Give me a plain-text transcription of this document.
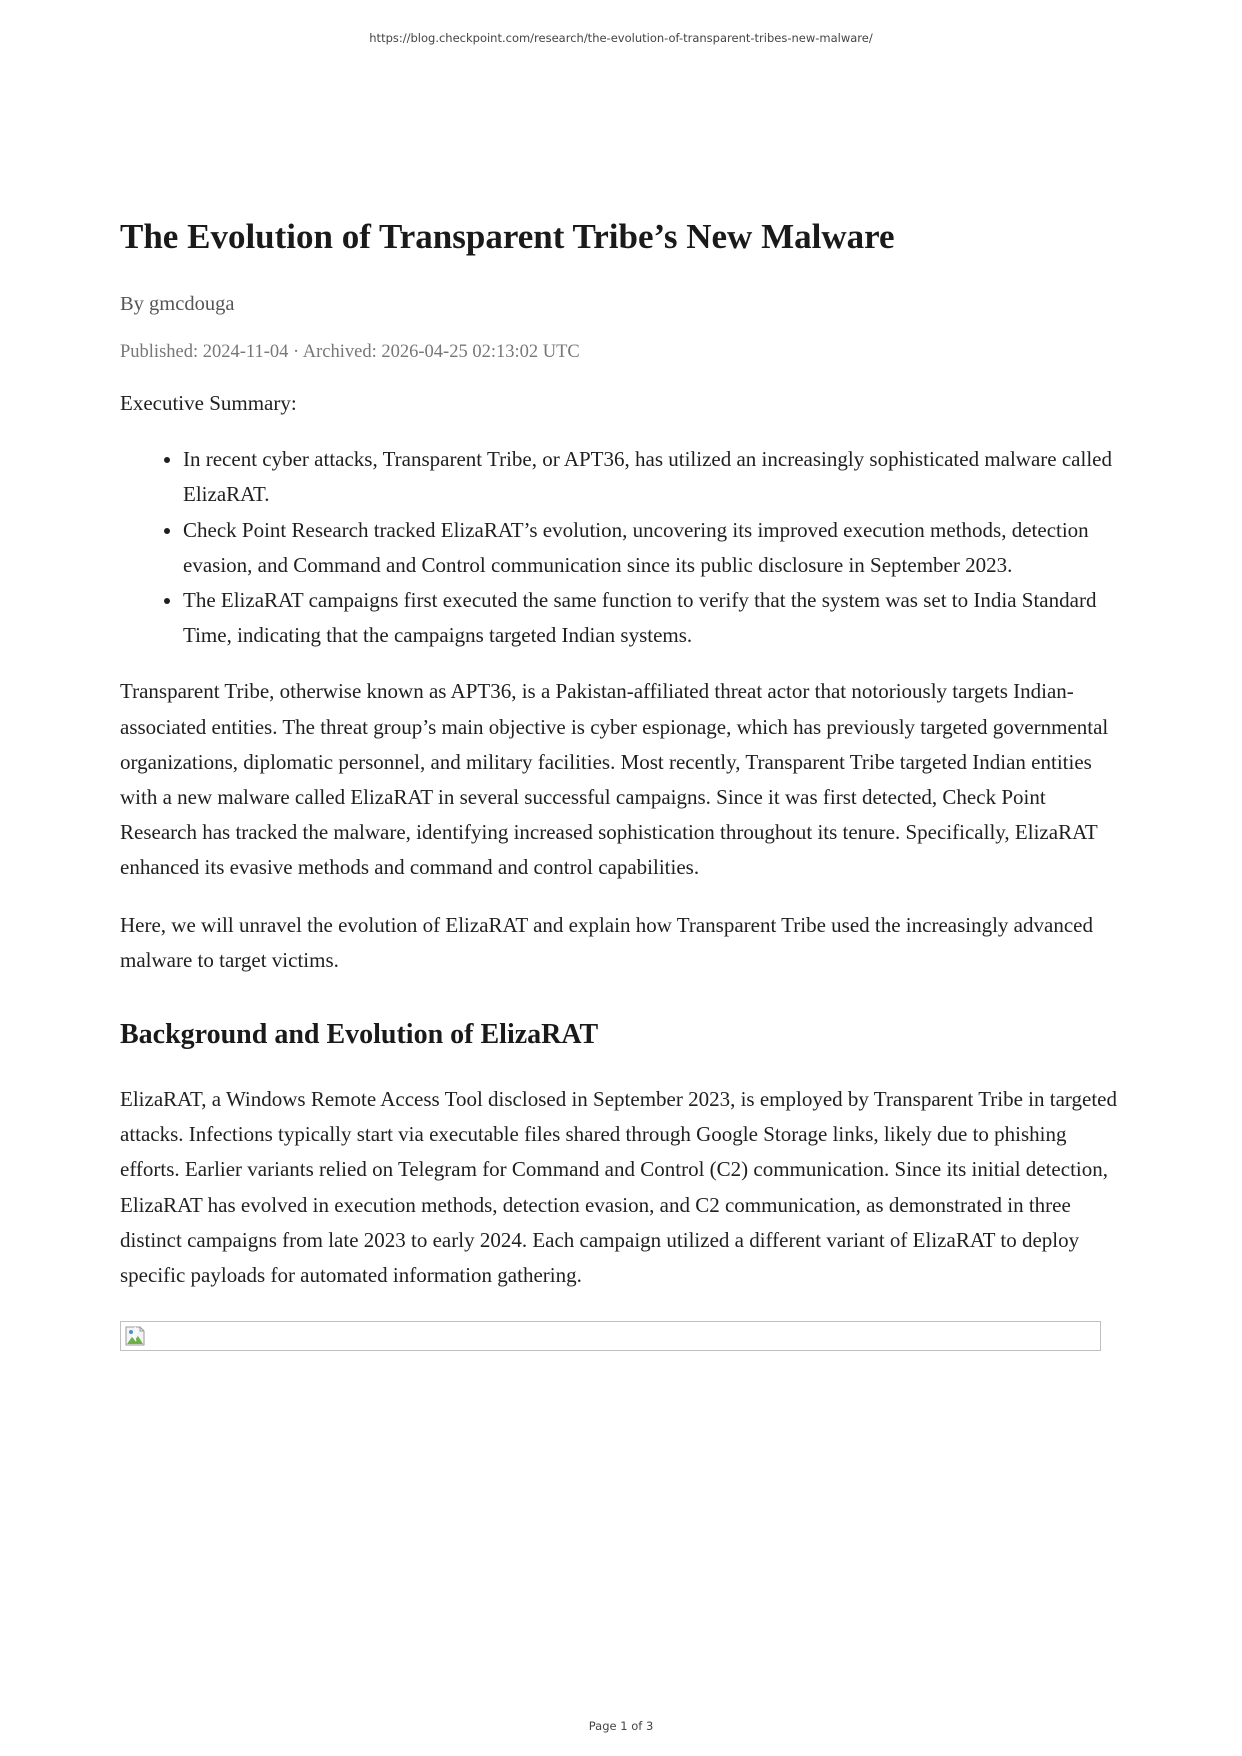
https://blog.checkpoint.com/research/the-evolution-of-transparent-tribes-new-malware/
The Evolution of Transparent Tribe’s New Malware
By gmcdouga
Published: 2024-11-04 · Archived: 2026-04-25 02:13:02 UTC

Executive Summary:

• In recent cyber attacks, Transparent Tribe, or APT36, has utilized an increasingly sophisticated malware called ElizaRAT.
• Check Point Research tracked ElizaRAT’s evolution, uncovering its improved execution methods, detection evasion, and Command and Control communication since its public disclosure in September 2023.
• The ElizaRAT campaigns first executed the same function to verify that the system was set to India Standard Time, indicating that the campaigns targeted Indian systems.

Transparent Tribe, otherwise known as APT36, is a Pakistan-affiliated threat actor that notoriously targets Indian-associated entities. The threat group’s main objective is cyber espionage, which has previously targeted governmental organizations, diplomatic personnel, and military facilities. Most recently, Transparent Tribe targeted Indian entities with a new malware called ElizaRAT in several successful campaigns. Since it was first detected, Check Point Research has tracked the malware, identifying increased sophistication throughout its tenure. Specifically, ElizaRAT enhanced its evasive methods and command and control capabilities.

Here, we will unravel the evolution of ElizaRAT and explain how Transparent Tribe used the increasingly advanced malware to target victims.

Background and Evolution of ElizaRAT

ElizaRAT, a Windows Remote Access Tool disclosed in September 2023, is employed by Transparent Tribe in targeted attacks. Infections typically start via executable files shared through Google Storage links, likely due to phishing efforts. Earlier variants relied on Telegram for Command and Control (C2) communication. Since its initial detection, ElizaRAT has evolved in execution methods, detection evasion, and C2 communication, as demonstrated in three distinct campaigns from late 2023 to early 2024. Each campaign utilized a different variant of ElizaRAT to deploy specific payloads for automated information gathering.

Page 1 of 3
